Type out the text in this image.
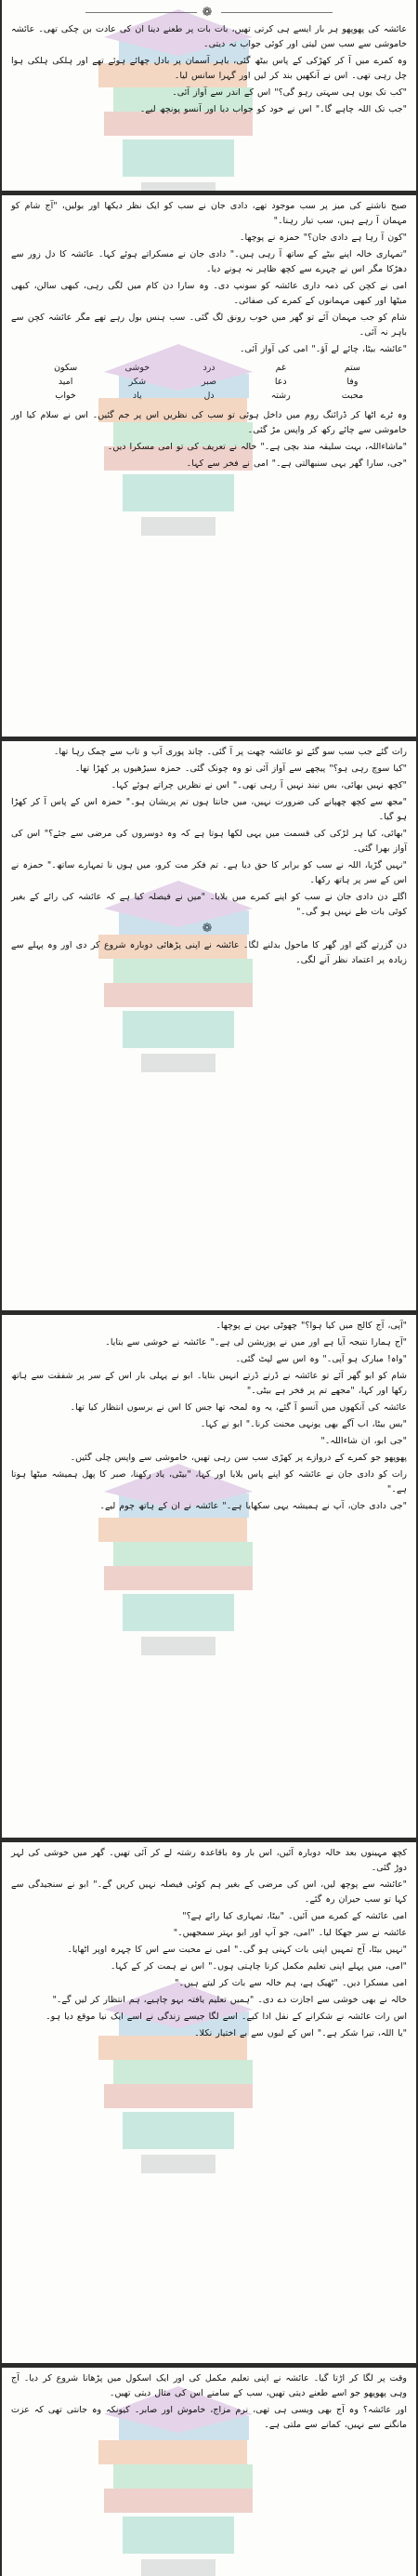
❁

عائشہ کی پھوپھو ہر بار ایسے ہی کرتی تھیں، بات بات پر طعنے دینا ان کی عادت بن چکی تھی۔ عائشہ خاموشی سے سب سن لیتی اور کوئی جواب نہ دیتی۔

وہ کمرے میں آ کر کھڑکی کے پاس بیٹھ گئی، باہر آسمان پر بادل چھائے ہوئے تھے اور ہلکی ہلکی ہوا چل رہی تھی۔ اس نے آنکھیں بند کر لیں اور گہرا سانس لیا۔

"کب تک یوں ہی سہتی رہو گی؟" اس کے اندر سے آواز آئی۔

"جب تک اللہ چاہے گا۔" اس نے خود کو جواب دیا اور آنسو پونچھ لیے۔

صبح ناشتے کی میز پر سب موجود تھے، دادی جان نے سب کو ایک نظر دیکھا اور بولیں، "آج شام کو مہمان آ رہے ہیں، سب تیار رہنا۔"

"کون آ رہا ہے دادی جان؟" حمزہ نے پوچھا۔

"تمہاری خالہ اپنے بیٹے کے ساتھ آ رہی ہیں۔" دادی جان نے مسکراتے ہوئے کہا۔ عائشہ کا دل زور سے دھڑکا مگر اس نے چہرے سے کچھ ظاہر نہ ہونے دیا۔

امی نے کچن کی ذمہ داری عائشہ کو سونپ دی۔ وہ سارا دن کام میں لگی رہی، کبھی سالن، کبھی میٹھا اور کبھی مہمانوں کے کمرے کی صفائی۔

شام کو جب مہمان آئے تو گھر میں خوب رونق لگ گئی۔ سب ہنس بول رہے تھے مگر عائشہ کچن سے باہر نہ آئی۔

"عائشہ بیٹا، چائے لے آؤ۔" امی کی آواز آئی۔

ستم
غم
درد
خوشی
سکون
وفا
دعا
صبر
شکر
امید
محبت
رشتہ
دل
یاد
خواب

وہ ٹرے اٹھا کر ڈرائنگ روم میں داخل ہوئی تو سب کی نظریں اس پر جم گئیں۔ اس نے سلام کیا اور خاموشی سے چائے رکھ کر واپس مڑ گئی۔

"ماشاءاللہ، بہت سلیقہ مند بچی ہے۔" خالہ نے تعریف کی تو امی مسکرا دیں۔

"جی، سارا گھر یہی سنبھالتی ہے۔" امی نے فخر سے کہا۔

رات گئے جب سب سو گئے تو عائشہ چھت پر آ گئی۔ چاند پوری آب و تاب سے چمک رہا تھا۔

"کیا سوچ رہی ہو؟" پیچھے سے آواز آئی تو وہ چونک گئی۔ حمزہ سیڑھیوں پر کھڑا تھا۔

"کچھ نہیں بھائی، بس نیند نہیں آ رہی تھی۔" اس نے نظریں چراتے ہوئے کہا۔

"مجھ سے کچھ چھپانے کی ضرورت نہیں، میں جانتا ہوں تم پریشان ہو۔" حمزہ اس کے پاس آ کر کھڑا ہو گیا۔

"بھائی، کیا ہر لڑکی کی قسمت میں یہی لکھا ہوتا ہے کہ وہ دوسروں کی مرضی سے جئے؟" اس کی آواز بھرا گئی۔

"نہیں گڑیا، اللہ نے سب کو برابر کا حق دیا ہے۔ تم فکر مت کرو، میں ہوں نا تمہارے ساتھ۔" حمزہ نے اس کے سر پر ہاتھ رکھا۔

اگلے دن دادی جان نے سب کو اپنے کمرے میں بلایا۔ "میں نے فیصلہ کیا ہے کہ عائشہ کی رائے کے بغیر کوئی بات طے نہیں ہو گی۔"

❁

دن گزرتے گئے اور گھر کا ماحول بدلنے لگا۔ عائشہ نے اپنی پڑھائی دوبارہ شروع کر دی اور وہ پہلے سے زیادہ پر اعتماد نظر آنے لگی۔

"آپی، آج کالج میں کیا ہوا؟" چھوٹی بہن نے پوچھا۔

"آج ہمارا نتیجہ آیا ہے اور میں نے پوزیشن لی ہے۔" عائشہ نے خوشی سے بتایا۔

"واہ! مبارک ہو آپی۔" وہ اس سے لپٹ گئی۔

شام کو ابو گھر آئے تو عائشہ نے ڈرتے ڈرتے انہیں بتایا۔ ابو نے پہلی بار اس کے سر پر شفقت سے ہاتھ رکھا اور کہا، "مجھے تم پر فخر ہے بیٹی۔"

عائشہ کی آنکھوں میں آنسو آ گئے، یہ وہ لمحہ تھا جس کا اس نے برسوں انتظار کیا تھا۔

"بس بیٹا، اب آگے بھی یونہی محنت کرنا۔" ابو نے کہا۔

"جی ابو، ان شاءاللہ۔"

پھوپھو جو کمرے کے دروازے پر کھڑی سب سن رہی تھیں، خاموشی سے واپس چلی گئیں۔

رات کو دادی جان نے عائشہ کو اپنے پاس بلایا اور کہا، "بیٹی، یاد رکھنا، صبر کا پھل ہمیشہ میٹھا ہوتا ہے۔"

"جی دادی جان، آپ نے ہمیشہ یہی سکھایا ہے۔" عائشہ نے ان کے ہاتھ چوم لیے۔

کچھ مہینوں بعد خالہ دوبارہ آئیں، اس بار وہ باقاعدہ رشتہ لے کر آئی تھیں۔ گھر میں خوشی کی لہر دوڑ گئی۔

"عائشہ سے پوچھ لیں، اس کی مرضی کے بغیر ہم کوئی فیصلہ نہیں کریں گے۔" ابو نے سنجیدگی سے کہا تو سب حیران رہ گئے۔

امی عائشہ کے کمرے میں آئیں۔ "بیٹا، تمہاری کیا رائے ہے؟"

عائشہ نے سر جھکا لیا۔ "امی، جو آپ اور ابو بہتر سمجھیں۔"

"نہیں بیٹا، آج تمہیں اپنی بات کہنی ہو گی۔" امی نے محبت سے اس کا چہرہ اوپر اٹھایا۔

"امی، میں پہلے اپنی تعلیم مکمل کرنا چاہتی ہوں۔" اس نے ہمت کر کے کہا۔

امی مسکرا دیں۔ "ٹھیک ہے، ہم خالہ سے بات کر لیتے ہیں۔"

خالہ نے بھی خوشی سے اجازت دے دی۔ "ہمیں تعلیم یافتہ بہو چاہیے، ہم انتظار کر لیں گے۔"

اس رات عائشہ نے شکرانے کے نفل ادا کیے۔ اسے لگا جیسے زندگی نے اسے ایک نیا موقع دیا ہو۔

"یا اللہ، تیرا شکر ہے۔" اس کے لبوں سے بے اختیار نکلا۔

وقت پر لگا کر اڑتا گیا۔ عائشہ نے اپنی تعلیم مکمل کی اور ایک اسکول میں پڑھانا شروع کر دیا۔ آج وہی پھوپھو جو اسے طعنے دیتی تھیں، سب کے سامنے اس کی مثال دیتی تھیں۔

اور عائشہ؟ وہ آج بھی ویسی ہی تھی، نرم مزاج، خاموش اور صابر۔ کیونکہ وہ جانتی تھی کہ عزت مانگنے سے نہیں، کمانے سے ملتی ہے۔
